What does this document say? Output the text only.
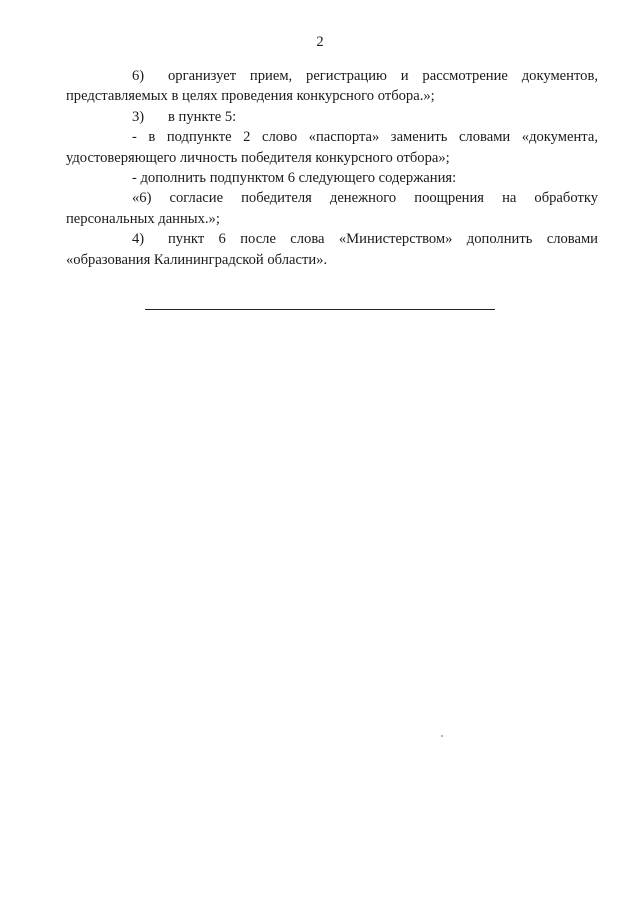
2

6) организует прием, регистрацию и рассмотрение документов, представляемых в целях проведения конкурсного отбора.»;

3) в пункте 5:

- в подпункте 2 слово «паспорта» заменить словами «документа, удостоверяющего личность победителя конкурсного отбора»;

- дополнить подпунктом 6 следующего содержания:

«6) согласие победителя денежного поощрения на обработку персональных данных.»;

4) пункт 6 после слова «Министерством» дополнить словами «образования Калининградской области».
